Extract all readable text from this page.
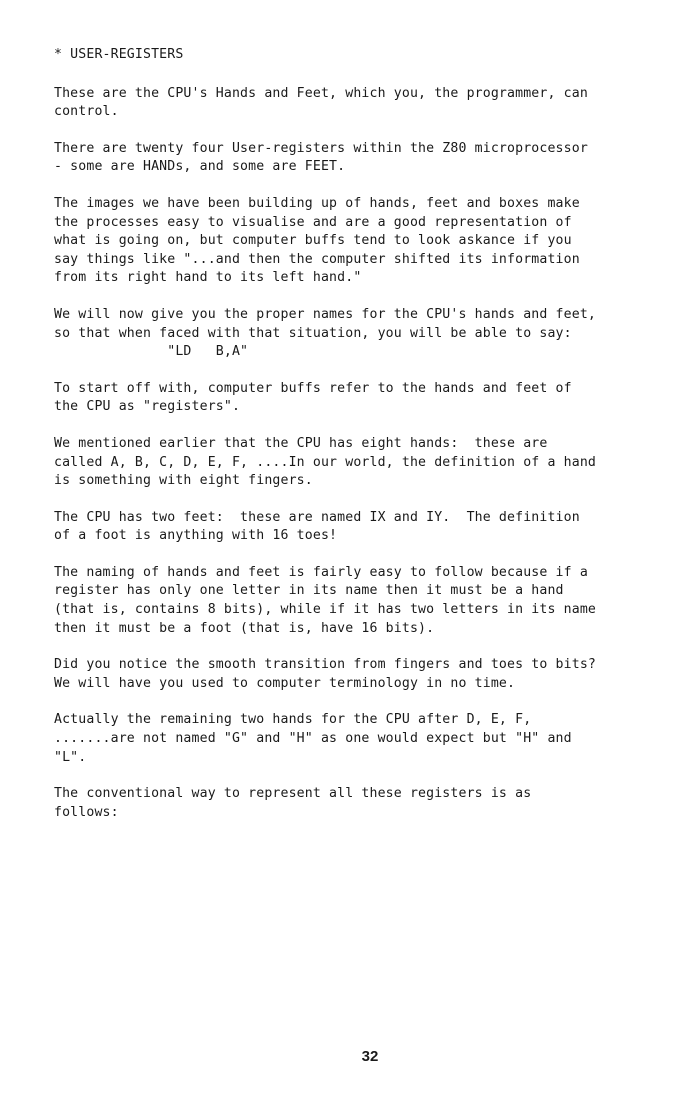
* USER-REGISTERS
These are the CPU's Hands and Feet, which you, the programmer, can
control.
There are twenty four User-registers within the Z80 microprocessor
- some are HANDs, and some are FEET.
The images we have been building up of hands, feet and boxes make
the processes easy to visualise and are a good representation of
what is going on, but computer buffs tend to look askance if you
say things like "...and then the computer shifted its information
from its right hand to its left hand."
We will now give you the proper names for the CPU's hands and feet,
so that when faced with that situation, you will be able to say:
"LD   B,A"
To start off with, computer buffs refer to the hands and feet of
the CPU as "registers".
We mentioned earlier that the CPU has eight hands:  these are
called A, B, C, D, E, F, ....In our world, the definition of a hand
is something with eight fingers.
The CPU has two feet:  these are named IX and IY.  The definition
of a foot is anything with 16 toes!
The naming of hands and feet is fairly easy to follow because if a
register has only one letter in its name then it must be a hand
(that is, contains 8 bits), while if it has two letters in its name
then it must be a foot (that is, have 16 bits).
Did you notice the smooth transition from fingers and toes to bits?
We will have you used to computer terminology in no time.
Actually the remaining two hands for the CPU after D, E, F,
.......are not named "G" and "H" as one would expect but "H" and
"L".
The conventional way to represent all these registers is as
follows:
32
